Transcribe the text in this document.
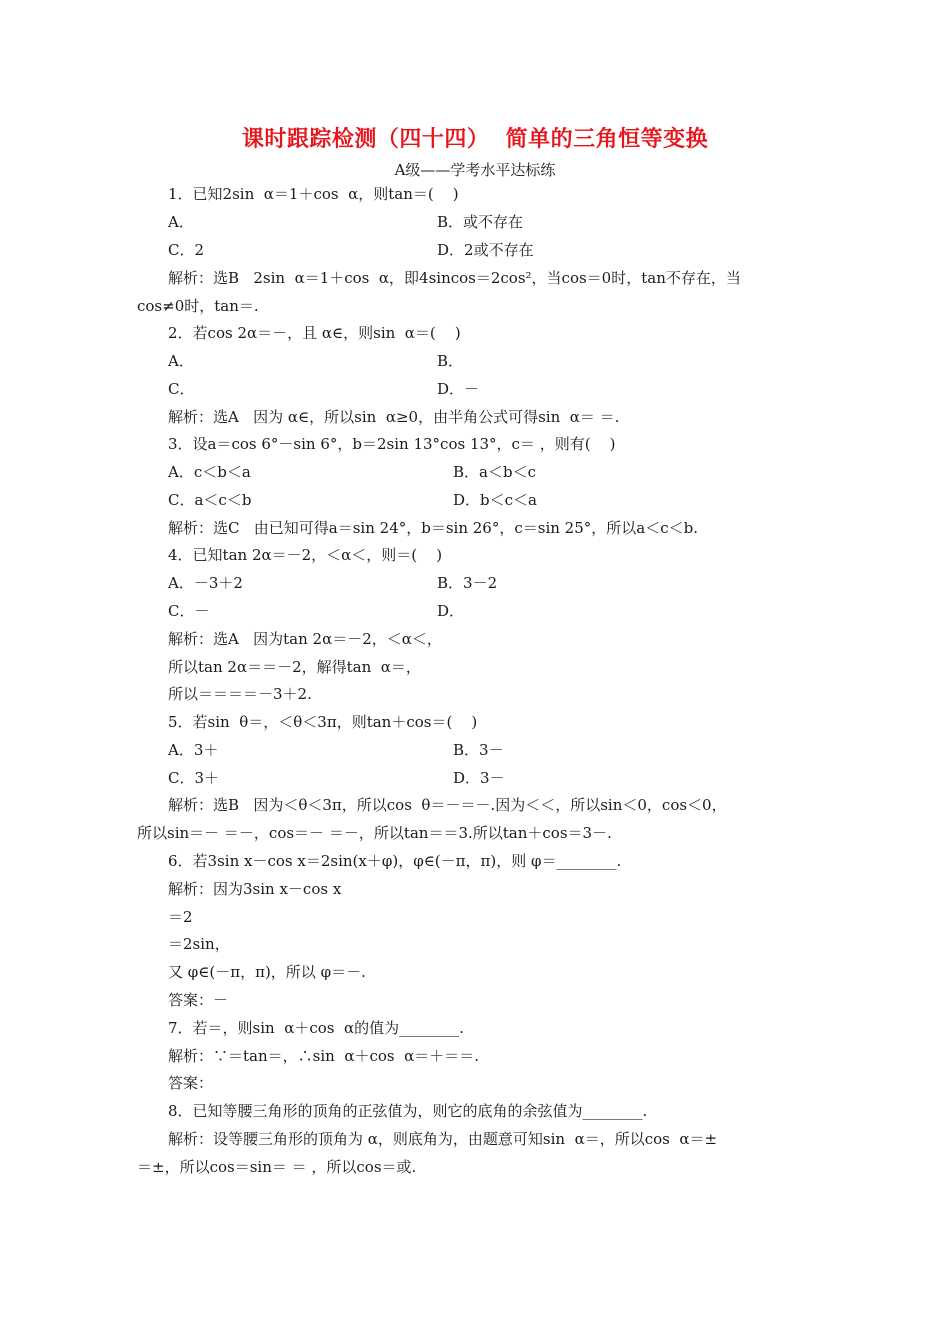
课时跟踪检测（四十四）  简单的三角恒等变换
A级——学考水平达标练
1．已知2sin  α＝1＋cos  α，则tan＝(    )
A．	B．或不存在
C．2	D．2或不存在
解析：选B   2sin  α＝1＋cos  α，即4sincos＝2cos²，当cos＝0时，tan不存在，当
cos≠0时，tan＝.
2．若cos 2α＝－，且 α∈，则sin  α＝(    )
A．	B．
C．	D．－
解析：选A   因为 α∈，所以sin  α≥0，由半角公式可得sin  α＝ ＝.
3．设a＝cos 6°－sin 6°，b＝2sin 13°cos 13°，c＝ ，则有(    )
A．c＜b＜a	B．a＜b＜c
C．a＜c＜b	D．b＜c＜a
解析：选C   由已知可得a＝sin 24°，b＝sin 26°，c＝sin 25°，所以a＜c＜b.
4．已知tan 2α＝－2，＜α＜，则＝(    )
A．－3＋2	B．3－2
C．－	D．
解析：选A   因为tan 2α＝－2，＜α＜，
所以tan 2α＝＝－2，解得tan  α＝，
所以＝＝＝＝－3＋2.
5．若sin  θ＝，＜θ＜3π，则tan＋cos＝(    )
A．3＋	B．3－
C．3＋	D．3－
解析：选B   因为＜θ＜3π，所以cos  θ＝－＝－.因为＜＜，所以sin＜0，cos＜0，
所以sin＝－ ＝－，cos＝－ ＝－，所以tan＝＝3.所以tan＋cos＝3－.
6．若3sin x－cos x＝2sin(x＋φ)，φ∈(－π，π)，则 φ＝________.
解析：因为3sin x－cos x
＝2
＝2sin，
又 φ∈(－π，π)，所以 φ＝－.
答案：－
7．若＝，则sin  α＋cos  α的值为________.
解析：∵＝tan＝，∴sin  α＋cos  α＝＋＝＝.
答案：
8．已知等腰三角形的顶角的正弦值为，则它的底角的余弦值为________.
解析：设等腰三角形的顶角为 α，则底角为，由题意可知sin  α＝，所以cos  α＝±
＝±，所以cos＝sin＝ ＝ ，所以cos＝或.
